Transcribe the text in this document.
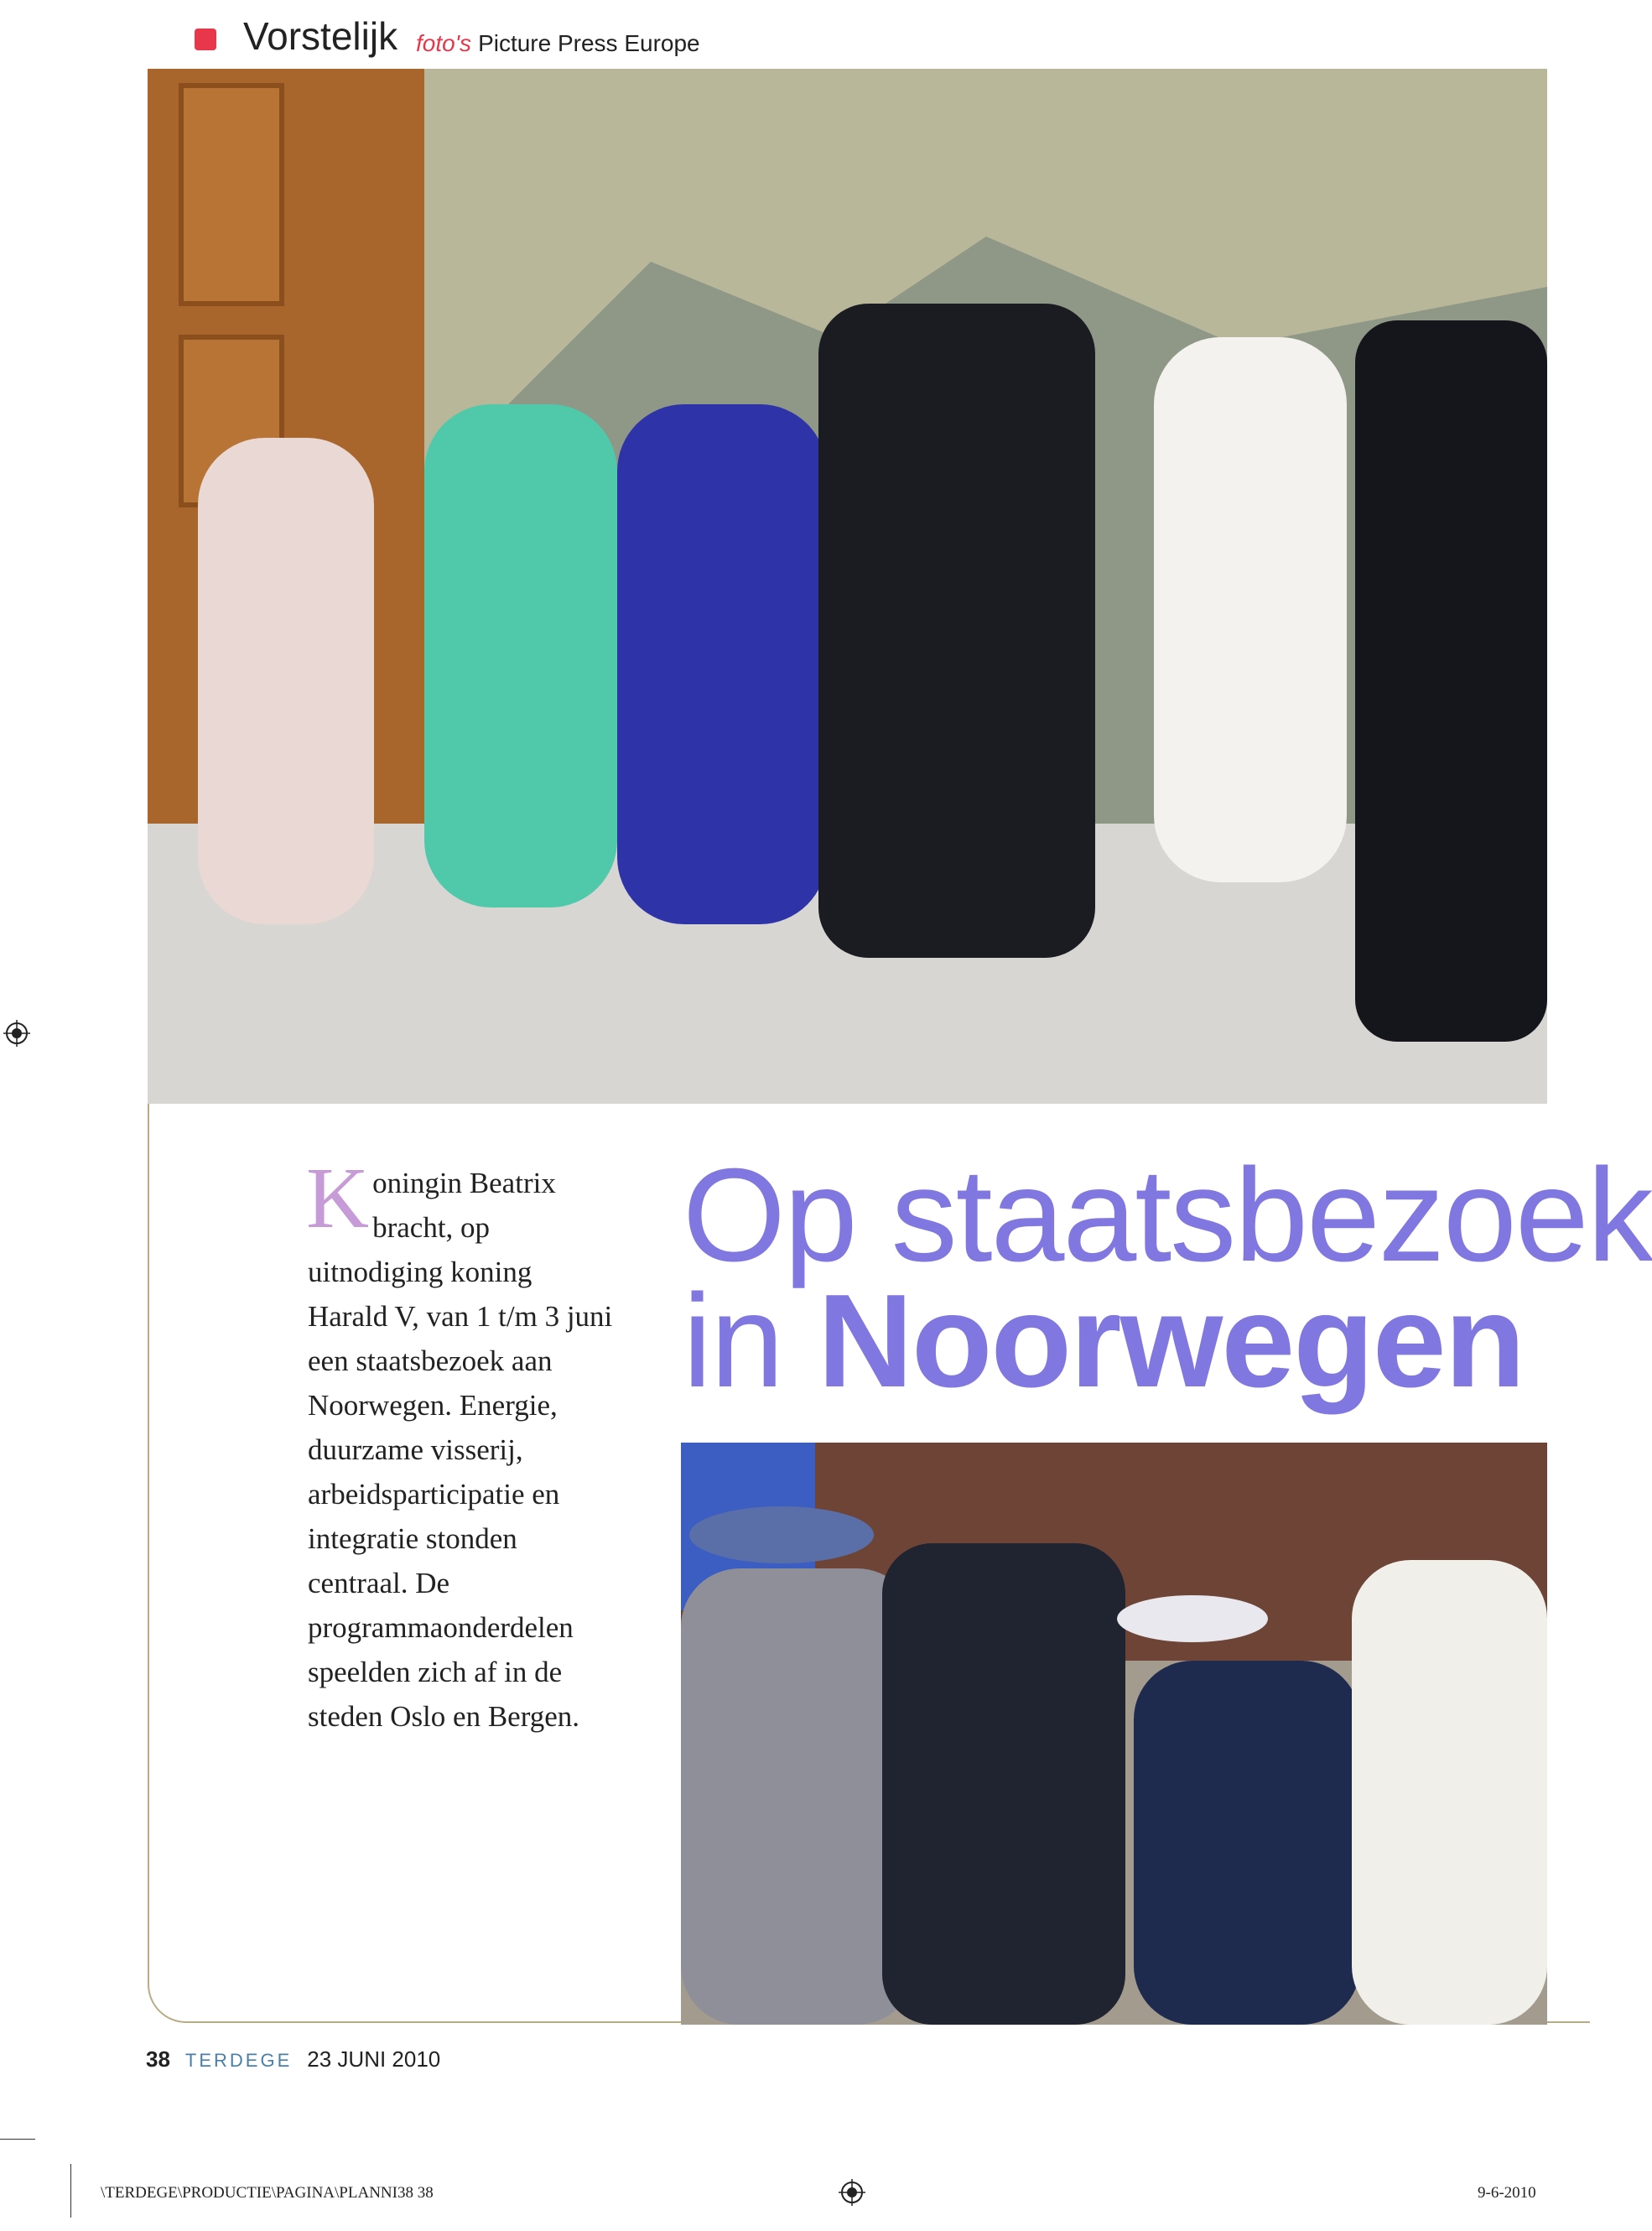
Vorstelijk foto's Picture Press Europe
Koningin Beatrix bracht, op uitnodiging koning Harald V, van 1 t/m 3 juni een staatsbezoek aan Noorwegen. Energie, duurzame visserij, arbeidsparticipatie en integratie stonden centraal. De programmaonderdelen speelden zich af in de steden Oslo en Bergen.
Op staatsbezoek
in Noorwegen
38 TERDEGE 23 JUNI 2010
\TERDEGE\PRODUCTIE\PAGINA\PLANNI38 38	9-6-2010
